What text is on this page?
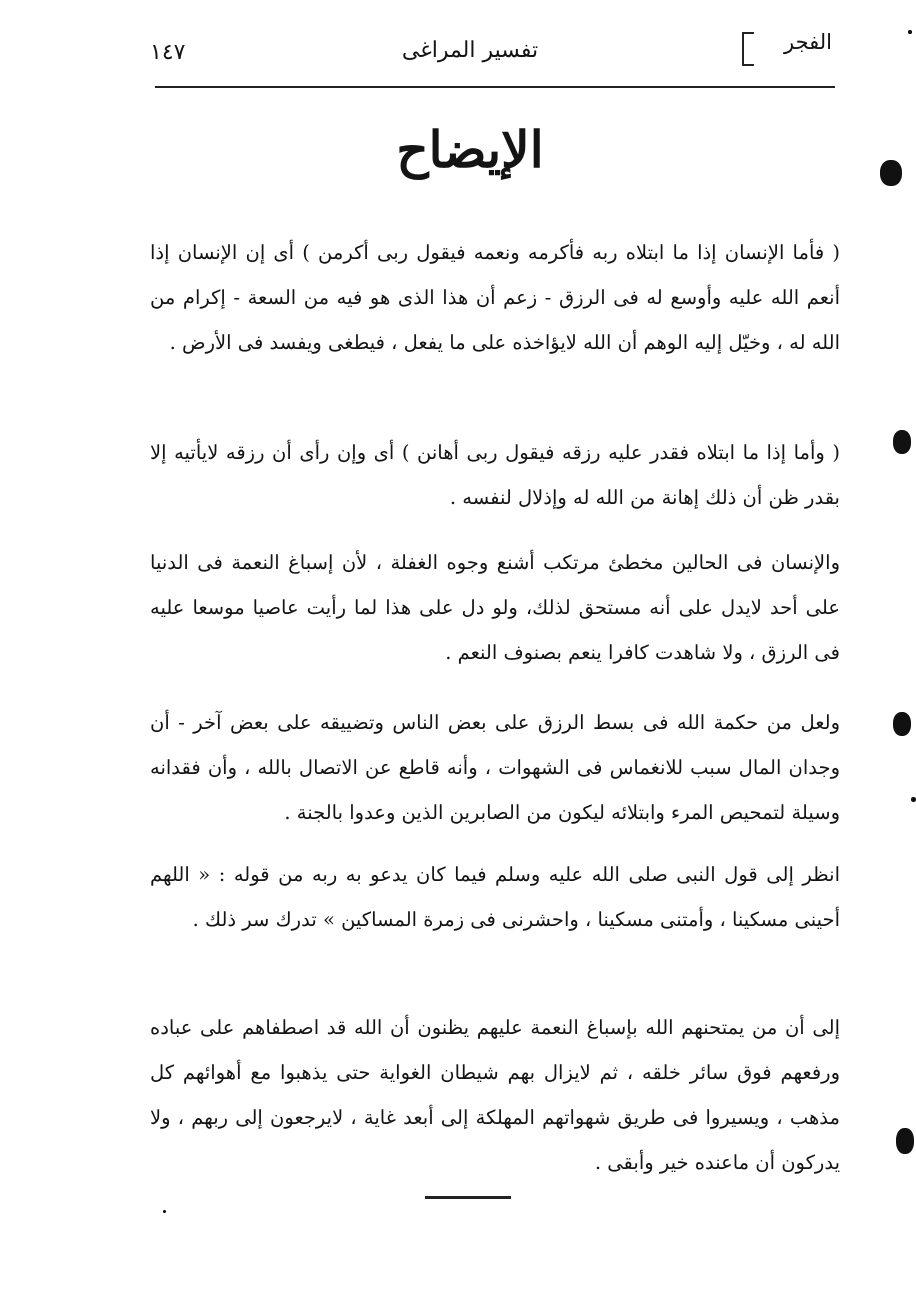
الفجر
تفسير المراغى
١٤٧
الإيضاح

( فأما الإنسان إذا ما ابتلاه ربه فأكرمه ونعمه فيقول ربى أكرمن ) أى إن الإنسان إذا أنعم الله عليه وأوسع له فى الرزق - زعم أن هذا الذى هو فيه من السعة - إكرام من الله له ، وخيّل إليه الوهم أن الله لايؤاخذه على ما يفعل ، فيطغى ويفسد فى الأرض .

( وأما إذا ما ابتلاه فقدر عليه رزقه فيقول ربى أهانن ) أى وإن رأى أن رزقه لايأتيه إلا بقدر ظن أن ذلك إهانة من الله له وإذلال لنفسه .

والإنسان فى الحالين مخطئ مرتكب أشنع وجوه الغفلة ، لأن إسباغ النعمة فى الدنيا على أحد لايدل على أنه مستحق لذلك، ولو دل على هذا لما رأيت عاصيا موسعا عليه فى الرزق ، ولا شاهدت كافرا ينعم بصنوف النعم .

ولعل من حكمة الله فى بسط الرزق على بعض الناس وتضييقه على بعض آخر - أن وجدان المال سبب للانغماس فى الشهوات ، وأنه قاطع عن الاتصال بالله ، وأن فقدانه وسيلة لتمحيص المرء وابتلائه ليكون من الصابرين الذين وعدوا بالجنة .

انظر إلى قول النبى صلى الله عليه وسلم فيما كان يدعو به ربه من قوله : « اللهم أحينى مسكينا ، وأمتنى مسكينا ، واحشرنى فى زمرة المساكين » تدرك سر ذلك .

إلى أن من يمتحنهم الله بإسباغ النعمة عليهم يظنون أن الله قد اصطفاهم على عباده ورفعهم فوق سائر خلقه ، ثم لايزال بهم شيطان الغواية حتى يذهبوا مع أهوائهم كل مذهب ، ويسيروا فى طريق شهواتهم المهلكة إلى أبعد غاية ، لايرجعون إلى ربهم ، ولا يدركون أن ماعنده خير وأبقى .
